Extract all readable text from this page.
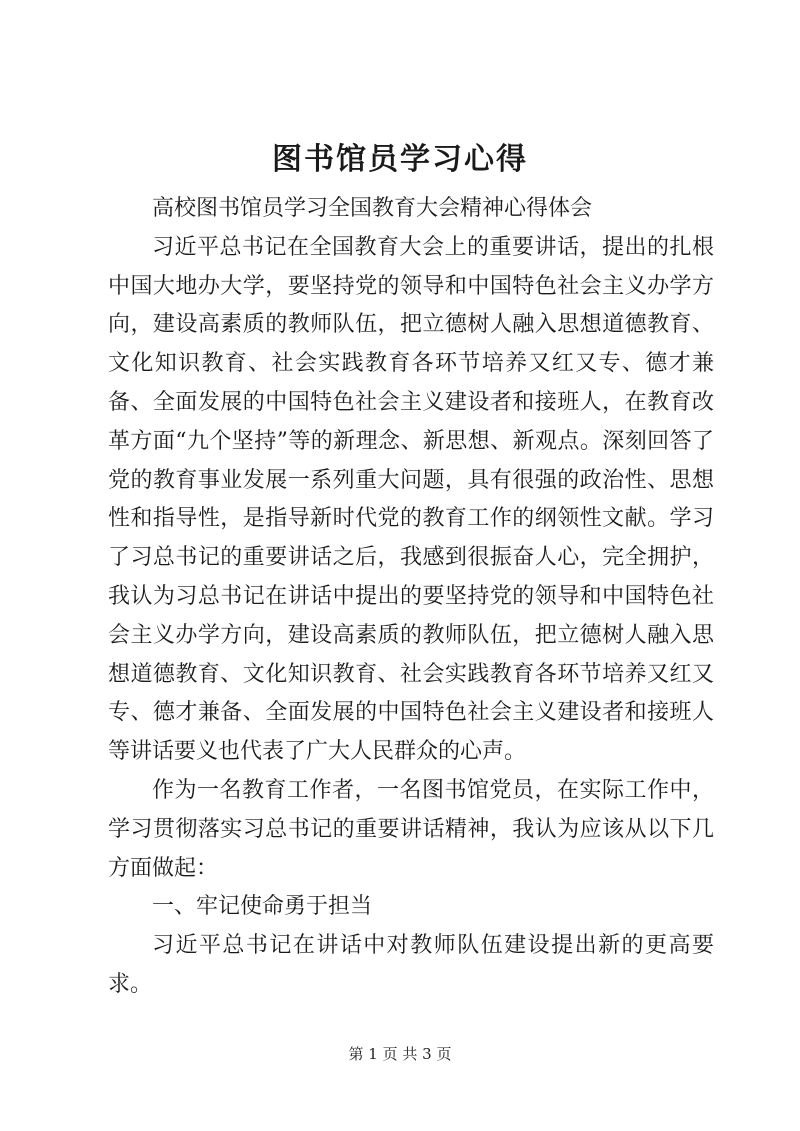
图书馆员学习心得

高校图书馆员学习全国教育大会精神心得体会

习近平总书记在全国教育大会上的重要讲话，提出的扎根中国大地办大学，要坚持党的领导和中国特色社会主义办学方向，建设高素质的教师队伍，把立德树人融入思想道德教育、文化知识教育、社会实践教育各环节培养又红又专、德才兼备、全面发展的中国特色社会主义建设者和接班人，在教育改革方面“九个坚持”等的新理念、新思想、新观点。深刻回答了党的教育事业发展一系列重大问题，具有很强的政治性、思想性和指导性，是指导新时代党的教育工作的纲领性文献。学习了习总书记的重要讲话之后，我感到很振奋人心，完全拥护，我认为习总书记在讲话中提出的要坚持党的领导和中国特色社会主义办学方向，建设高素质的教师队伍，把立德树人融入思想道德教育、文化知识教育、社会实践教育各环节培养又红又专、德才兼备、全面发展的中国特色社会主义建设者和接班人等讲话要义也代表了广大人民群众的心声。

作为一名教育工作者，一名图书馆党员，在实际工作中，学习贯彻落实习总书记的重要讲话精神，我认为应该从以下几方面做起：

一、牢记使命勇于担当

习近平总书记在讲话中对教师队伍建设提出新的更高要求。

第 1 页 共 3 页
